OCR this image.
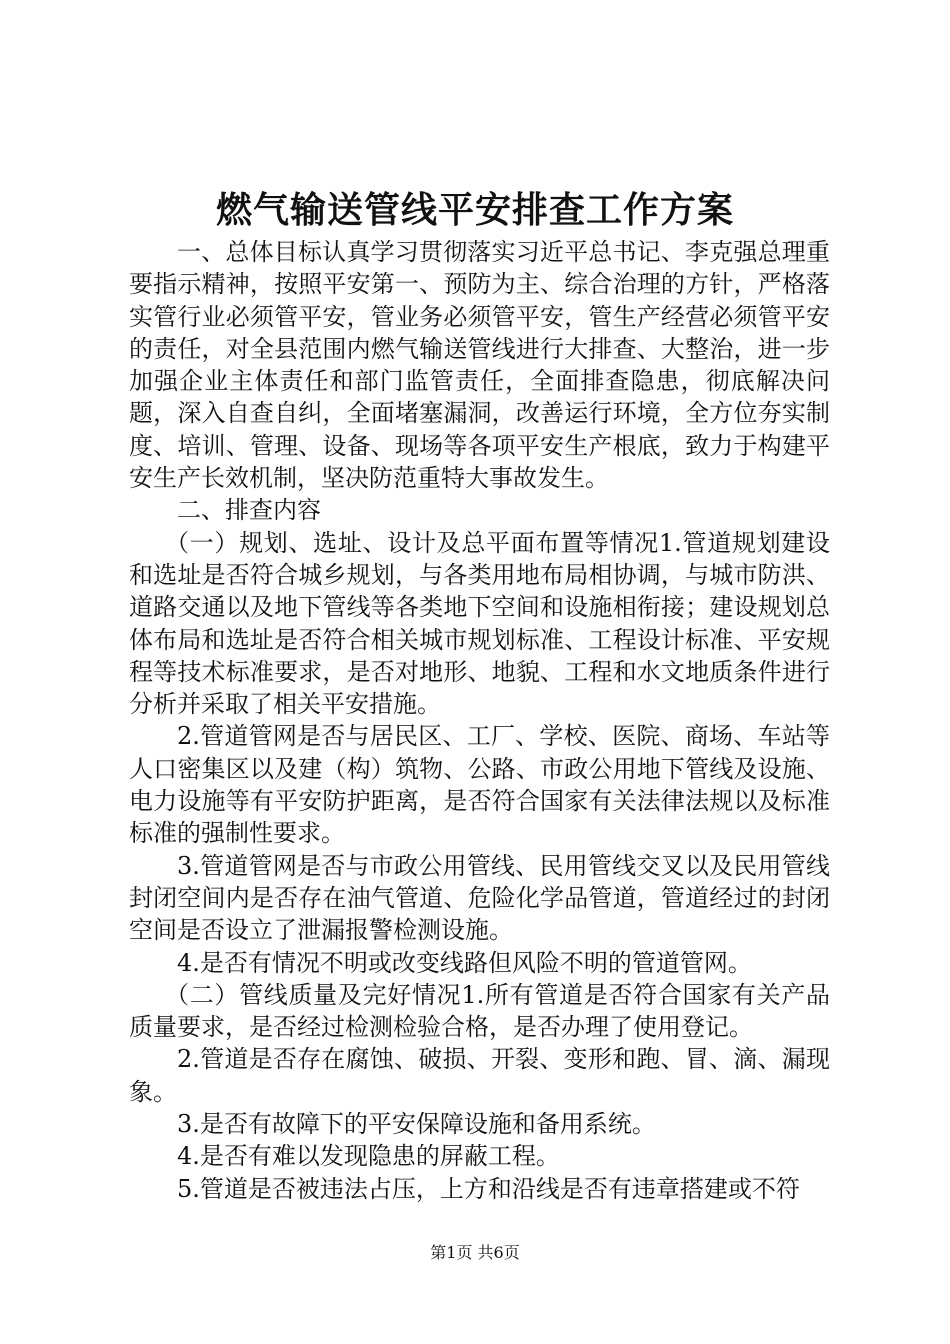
燃气输送管线平安排查工作方案

一、总体目标认真学习贯彻落实习近平总书记、李克强总理重要指示精神，按照平安第一、预防为主、综合治理的方针，严格落实管行业必须管平安，管业务必须管平安，管生产经营必须管平安的责任，对全县范围内燃气输送管线进行大排查、大整治，进一步加强企业主体责任和部门监管责任，全面排查隐患，彻底解决问题，深入自查自纠，全面堵塞漏洞，改善运行环境，全方位夯实制度、培训、管理、设备、现场等各项平安生产根底，致力于构建平安生产长效机制，坚决防范重特大事故发生。

二、排查内容

（一）规划、选址、设计及总平面布置等情况1.管道规划建设和选址是否符合城乡规划，与各类用地布局相协调，与城市防洪、道路交通以及地下管线等各类地下空间和设施相衔接；建设规划总体布局和选址是否符合相关城市规划标准、工程设计标准、平安规程等技术标准要求，是否对地形、地貌、工程和水文地质条件进行分析并采取了相关平安措施。

2.管道管网是否与居民区、工厂、学校、医院、商场、车站等人口密集区以及建（构）筑物、公路、市政公用地下管线及设施、电力设施等有平安防护距离，是否符合国家有关法律法规以及标准标准的强制性要求。

3.管道管网是否与市政公用管线、民用管线交叉以及民用管线封闭空间内是否存在油气管道、危险化学品管道，管道经过的封闭空间是否设立了泄漏报警检测设施。

4.是否有情况不明或改变线路但风险不明的管道管网。

（二）管线质量及完好情况1.所有管道是否符合国家有关产品质量要求，是否经过检测检验合格，是否办理了使用登记。

2.管道是否存在腐蚀、破损、开裂、变形和跑、冒、滴、漏现象。

3.是否有故障下的平安保障设施和备用系统。

4.是否有难以发现隐患的屏蔽工程。

5.管道是否被违法占压，上方和沿线是否有违章搭建或不符

第1页 共6页
